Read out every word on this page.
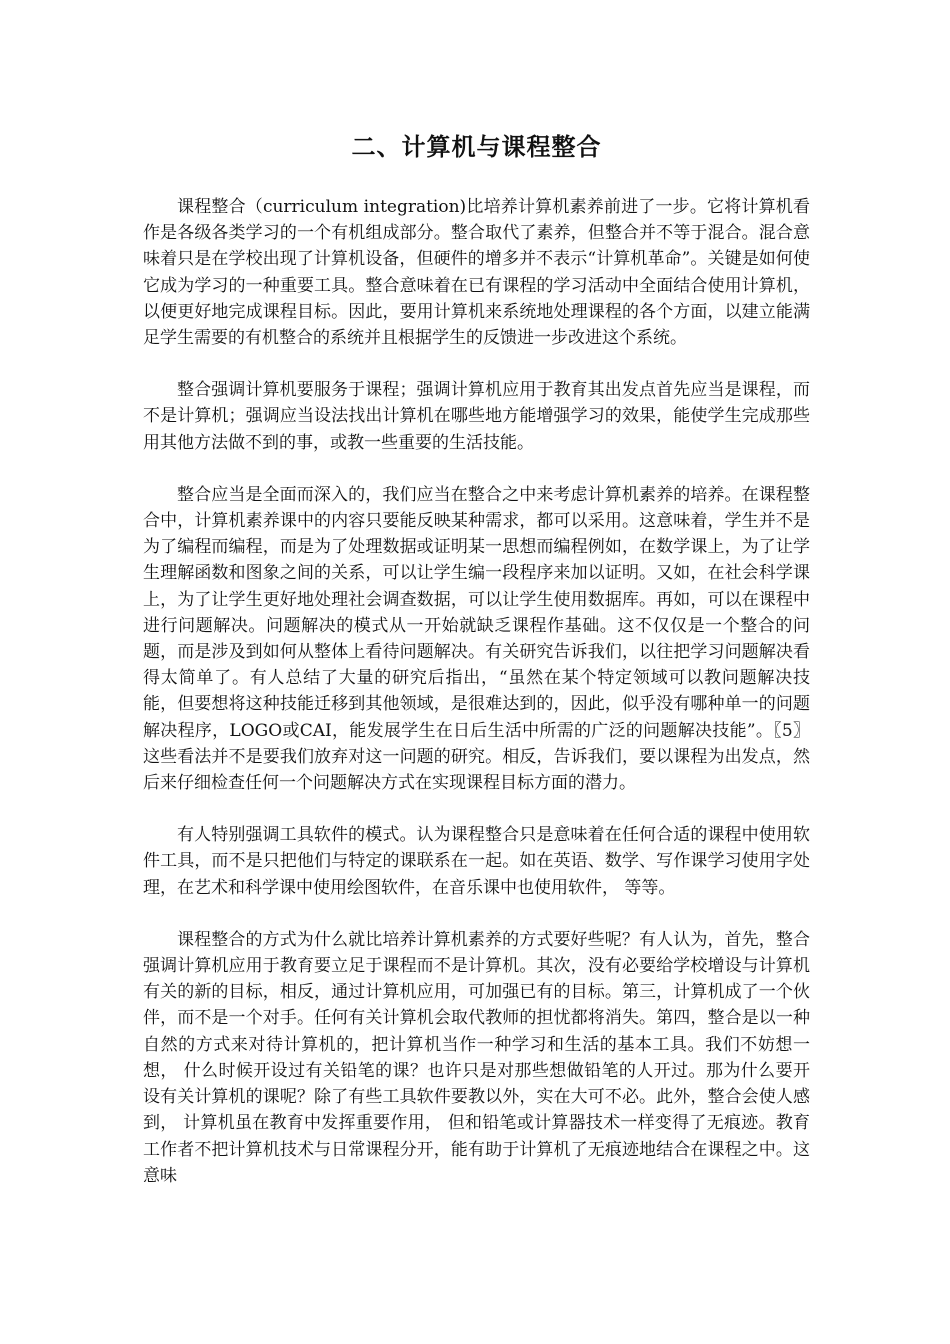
二、计算机与课程整合

课程整合（curriculum integration)比培养计算机素养前进了一步。它将计算机看作是各级各类学习的一个有机组成部分。整合取代了素养，但整合并不等于混合。混合意味着只是在学校出现了计算机设备，但硬件的增多并不表示“计算机革命”。关键是如何使它成为学习的一种重要工具。整合意味着在已有课程的学习活动中全面结合使用计算机，以便更好地完成课程目标。因此，要用计算机来系统地处理课程的各个方面，以建立能满足学生需要的有机整合的系统并且根据学生的反馈进一步改进这个系统。

整合强调计算机要服务于课程；强调计算机应用于教育其出发点首先应当是课程，而不是计算机；强调应当设法找出计算机在哪些地方能增强学习的效果，能使学生完成那些用其他方法做不到的事，或教一些重要的生活技能。

整合应当是全面而深入的，我们应当在整合之中来考虑计算机素养的培养。在课程整合中，计算机素养课中的内容只要能反映某种需求，都可以采用。这意味着，学生并不是为了编程而编程，而是为了处理数据或证明某一思想而编程例如，在数学课上，为了让学生理解函数和图象之间的关系，可以让学生编一段程序来加以证明。又如，在社会科学课上，为了让学生更好地处理社会调查数据，可以让学生使用数据库。再如，可以在课程中进行问题解决。问题解决的模式从一开始就缺乏课程作基础。这不仅仅是一个整合的问题，而是涉及到如何从整体上看待问题解决。有关研究告诉我们，以往把学习问题解决看得太简单了。有人总结了大量的研究后指出，“虽然在某个特定领域可以教问题解决技能，但要想将这种技能迁移到其他领域，是很难达到的，因此，似乎没有哪种单一的问题解决程序，LOGO或CAI，能发展学生在日后生活中所需的广泛的问题解决技能”。〖5〗这些看法并不是要我们放弃对这一问题的研究。相反，告诉我们，要以课程为出发点，然后来仔细检查任何一个问题解决方式在实现课程目标方面的潜力。

有人特别强调工具软件的模式。认为课程整合只是意味着在任何合适的课程中使用软件工具，而不是只把他们与特定的课联系在一起。如在英语、数学、写作课学习使用字处理，在艺术和科学课中使用绘图软件，在音乐课中也使用软件， 等等。

课程整合的方式为什么就比培养计算机素养的方式要好些呢？有人认为，首先，整合强调计算机应用于教育要立足于课程而不是计算机。其次，没有必要给学校增设与计算机有关的新的目标，相反，通过计算机应用，可加强已有的目标。第三，计算机成了一个伙伴，而不是一个对手。任何有关计算机会取代教师的担忧都将消失。第四，整合是以一种自然的方式来对待计算机的，把计算机当作一种学习和生活的基本工具。我们不妨想一想， 什么时候开设过有关铅笔的课？也许只是对那些想做铅笔的人开过。那为什么要开设有关计算机的课呢？除了有些工具软件要教以外，实在大可不必。此外，整合会使人感到， 计算机虽在教育中发挥重要作用， 但和铅笔或计算器技术一样变得了无痕迹。教育工作者不把计算机技术与日常课程分开，能有助于计算机了无痕迹地结合在课程之中。这意味
